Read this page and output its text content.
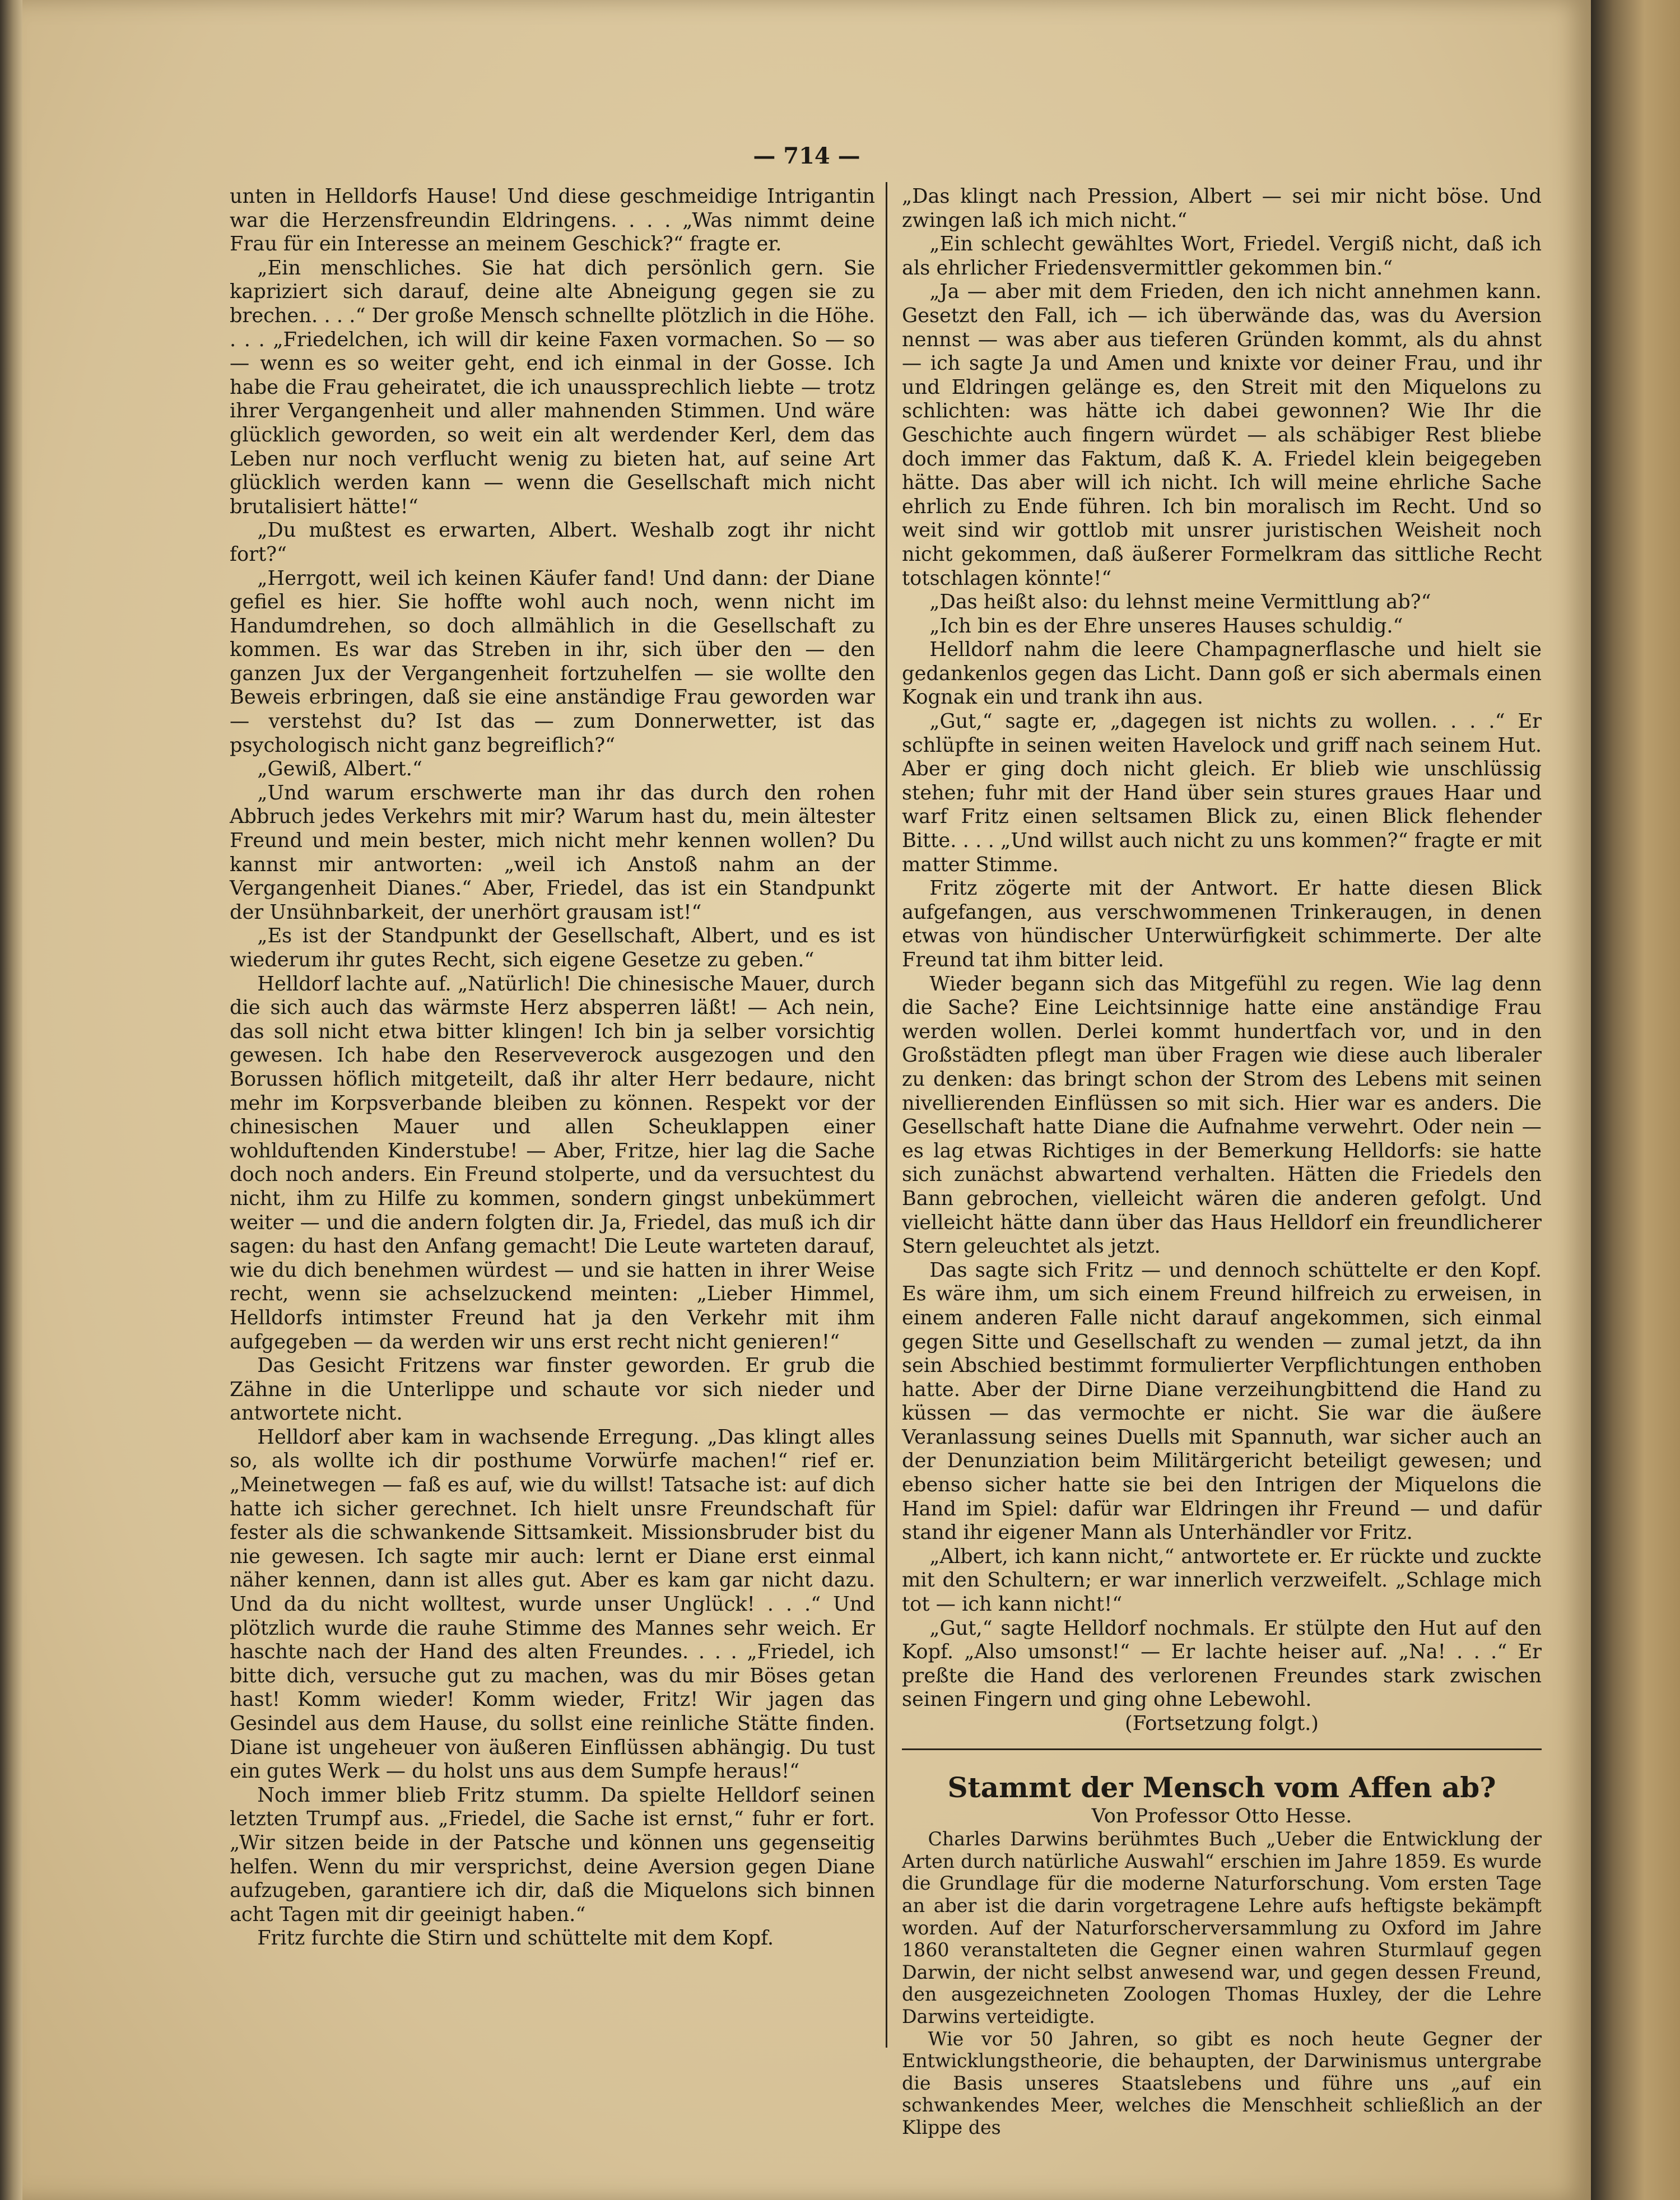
— 714 —

unten in Helldorfs Hause! Und diese geschmeidige Intrigantin war die Herzensfreundin Eldringens. . . . „Was nimmt deine Frau für ein Interesse an meinem Geschick?“ fragte er.

„Ein menschliches. Sie hat dich persönlich gern. Sie kapriziert sich darauf, deine alte Abneigung gegen sie zu brechen. . . .“ Der große Mensch schnellte plötzlich in die Höhe. . . . „Friedelchen, ich will dir keine Faxen vormachen. So — so — wenn es so weiter geht, end ich einmal in der Gosse. Ich habe die Frau geheiratet, die ich unaussprechlich liebte — trotz ihrer Vergangenheit und aller mahnenden Stimmen. Und wäre glücklich geworden, so weit ein alt werdender Kerl, dem das Leben nur noch verflucht wenig zu bieten hat, auf seine Art glücklich werden kann — wenn die Gesellschaft mich nicht brutalisiert hätte!“

„Du mußtest es erwarten, Albert. Weshalb zogt ihr nicht fort?“

„Herrgott, weil ich keinen Käufer fand! Und dann: der Diane gefiel es hier. Sie hoffte wohl auch noch, wenn nicht im Handumdrehen, so doch allmählich in die Gesellschaft zu kommen. Es war das Streben in ihr, sich über den — den ganzen Jux der Vergangenheit fortzuhelfen — sie wollte den Beweis erbringen, daß sie eine anständige Frau geworden war — verstehst du? Ist das — zum Donnerwetter, ist das psychologisch nicht ganz begreiflich?“

„Gewiß, Albert.“

„Und warum erschwerte man ihr das durch den rohen Abbruch jedes Verkehrs mit mir? Warum hast du, mein ältester Freund und mein bester, mich nicht mehr kennen wollen? Du kannst mir antworten: „weil ich Anstoß nahm an der Vergangenheit Dianes.“ Aber, Friedel, das ist ein Standpunkt der Unsühnbarkeit, der unerhört grausam ist!“

„Es ist der Standpunkt der Gesellschaft, Albert, und es ist wiederum ihr gutes Recht, sich eigene Gesetze zu geben.“

Helldorf lachte auf. „Natürlich! Die chinesische Mauer, durch die sich auch das wärmste Herz absperren läßt! — Ach nein, das soll nicht etwa bitter klingen! Ich bin ja selber vorsichtig gewesen. Ich habe den Reserveverock ausgezogen und den Borussen höflich mitgeteilt, daß ihr alter Herr bedaure, nicht mehr im Korpsverbande bleiben zu können. Respekt vor der chinesischen Mauer und allen Scheuklappen einer wohlduftenden Kinderstube! — Aber, Fritze, hier lag die Sache doch noch anders. Ein Freund stolperte, und da versuchtest du nicht, ihm zu Hilfe zu kommen, sondern gingst unbekümmert weiter — und die andern folgten dir. Ja, Friedel, das muß ich dir sagen: du hast den Anfang gemacht! Die Leute warteten darauf, wie du dich benehmen würdest — und sie hatten in ihrer Weise recht, wenn sie achselzuckend meinten: „Lieber Himmel, Helldorfs intimster Freund hat ja den Verkehr mit ihm aufgegeben — da werden wir uns erst recht nicht genieren!“

Das Gesicht Fritzens war finster geworden. Er grub die Zähne in die Unterlippe und schaute vor sich nieder und antwortete nicht.

Helldorf aber kam in wachsende Erregung. „Das klingt alles so, als wollte ich dir posthume Vorwürfe machen!“ rief er. „Meinetwegen — faß es auf, wie du willst! Tatsache ist: auf dich hatte ich sicher gerechnet. Ich hielt unsre Freundschaft für fester als die schwankende Sittsamkeit. Missionsbruder bist du nie gewesen. Ich sagte mir auch: lernt er Diane erst einmal näher kennen, dann ist alles gut. Aber es kam gar nicht dazu. Und da du nicht wolltest, wurde unser Unglück! . . .“ Und plötzlich wurde die rauhe Stimme des Mannes sehr weich. Er haschte nach der Hand des alten Freundes. . . . „Friedel, ich bitte dich, versuche gut zu machen, was du mir Böses getan hast! Komm wieder! Komm wieder, Fritz! Wir jagen das Gesindel aus dem Hause, du sollst eine reinliche Stätte finden. Diane ist ungeheuer von äußeren Einflüssen abhängig. Du tust ein gutes Werk — du holst uns aus dem Sumpfe heraus!“

Noch immer blieb Fritz stumm. Da spielte Helldorf seinen letzten Trumpf aus. „Friedel, die Sache ist ernst,“ fuhr er fort. „Wir sitzen beide in der Patsche und können uns gegenseitig helfen. Wenn du mir versprichst, deine Aversion gegen Diane aufzugeben, garantiere ich dir, daß die Miquelons sich binnen acht Tagen mit dir geeinigt haben.“

Fritz furchte die Stirn und schüttelte mit dem Kopf.

„Das klingt nach Pression, Albert — sei mir nicht böse. Und zwingen laß ich mich nicht.“

„Ein schlecht gewähltes Wort, Friedel. Vergiß nicht, daß ich als ehrlicher Friedensvermittler gekommen bin.“

„Ja — aber mit dem Frieden, den ich nicht annehmen kann. Gesetzt den Fall, ich — ich überwände das, was du Aversion nennst — was aber aus tieferen Gründen kommt, als du ahnst — ich sagte Ja und Amen und knixte vor deiner Frau, und ihr und Eldringen gelänge es, den Streit mit den Miquelons zu schlichten: was hätte ich dabei gewonnen? Wie Ihr die Geschichte auch fingern würdet — als schäbiger Rest bliebe doch immer das Faktum, daß K. A. Friedel klein beigegeben hätte. Das aber will ich nicht. Ich will meine ehrliche Sache ehrlich zu Ende führen. Ich bin moralisch im Recht. Und so weit sind wir gottlob mit unsrer juristischen Weisheit noch nicht gekommen, daß äußerer Formelkram das sittliche Recht totschlagen könnte!“

„Das heißt also: du lehnst meine Vermittlung ab?“

„Ich bin es der Ehre unseres Hauses schuldig.“

Helldorf nahm die leere Champagnerflasche und hielt sie gedankenlos gegen das Licht. Dann goß er sich abermals einen Kognak ein und trank ihn aus.

„Gut,“ sagte er, „dagegen ist nichts zu wollen. . . .“ Er schlüpfte in seinen weiten Havelock und griff nach seinem Hut. Aber er ging doch nicht gleich. Er blieb wie unschlüssig stehen; fuhr mit der Hand über sein stures graues Haar und warf Fritz einen seltsamen Blick zu, einen Blick flehender Bitte. . . . „Und willst auch nicht zu uns kommen?“ fragte er mit matter Stimme.

Fritz zögerte mit der Antwort. Er hatte diesen Blick aufgefangen, aus verschwommenen Trinkeraugen, in denen etwas von hündischer Unterwürfigkeit schimmerte. Der alte Freund tat ihm bitter leid.

Wieder begann sich das Mitgefühl zu regen. Wie lag denn die Sache? Eine Leichtsinnige hatte eine anständige Frau werden wollen. Derlei kommt hundertfach vor, und in den Großstädten pflegt man über Fragen wie diese auch liberaler zu denken: das bringt schon der Strom des Lebens mit seinen nivellierenden Einflüssen so mit sich. Hier war es anders. Die Gesellschaft hatte Diane die Aufnahme verwehrt. Oder nein — es lag etwas Richtiges in der Bemerkung Helldorfs: sie hatte sich zunächst abwartend verhalten. Hätten die Friedels den Bann gebrochen, vielleicht wären die anderen gefolgt. Und vielleicht hätte dann über das Haus Helldorf ein freundlicherer Stern geleuchtet als jetzt.

Das sagte sich Fritz — und dennoch schüttelte er den Kopf. Es wäre ihm, um sich einem Freund hilfreich zu erweisen, in einem anderen Falle nicht darauf angekommen, sich einmal gegen Sitte und Gesellschaft zu wenden — zumal jetzt, da ihn sein Abschied bestimmt formulierter Verpflichtungen enthoben hatte. Aber der Dirne Diane verzeihungbittend die Hand zu küssen — das vermochte er nicht. Sie war die äußere Veranlassung seines Duells mit Spannuth, war sicher auch an der Denunziation beim Militärgericht beteiligt gewesen; und ebenso sicher hatte sie bei den Intrigen der Miquelons die Hand im Spiel: dafür war Eldringen ihr Freund — und dafür stand ihr eigener Mann als Unterhändler vor Fritz.

„Albert, ich kann nicht,“ antwortete er. Er rückte und zuckte mit den Schultern; er war innerlich verzweifelt. „Schlage mich tot — ich kann nicht!“

„Gut,“ sagte Helldorf nochmals. Er stülpte den Hut auf den Kopf. „Also umsonst!“ — Er lachte heiser auf. „Na! . . .“ Er preßte die Hand des verlorenen Freundes stark zwischen seinen Fingern und ging ohne Lebewohl.

(Fortsetzung folgt.)

Stammt der Mensch vom Affen ab?

Von Professor Otto Hesse.

Charles Darwins berühmtes Buch „Ueber die Entwicklung der Arten durch natürliche Auswahl“ erschien im Jahre 1859. Es wurde die Grundlage für die moderne Naturforschung. Vom ersten Tage an aber ist die darin vorgetragene Lehre aufs heftigste bekämpft worden. Auf der Naturforscherversammlung zu Oxford im Jahre 1860 veranstalteten die Gegner einen wahren Sturmlauf gegen Darwin, der nicht selbst anwesend war, und gegen dessen Freund, den ausgezeichneten Zoologen Thomas Huxley, der die Lehre Darwins verteidigte.

Wie vor 50 Jahren, so gibt es noch heute Gegner der Entwicklungstheorie, die behaupten, der Darwinismus untergrabe die Basis unseres Staatslebens und führe uns „auf ein schwankendes Meer, welches die Menschheit schließlich an der Klippe des
